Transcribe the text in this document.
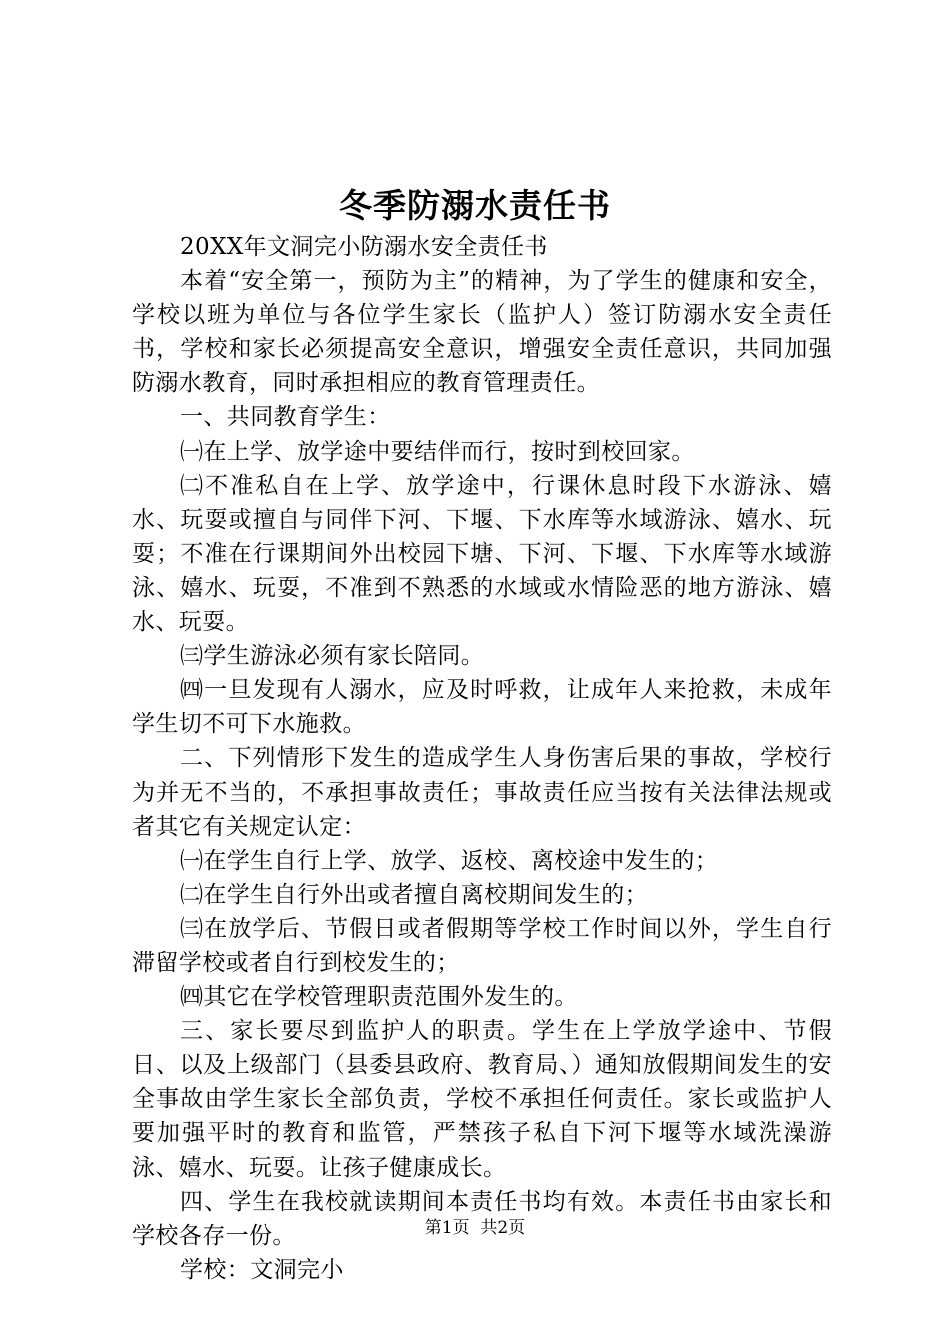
冬季防溺水责任书

20XX年文洞完小防溺水安全责任书

本着“安全第一，预防为主”的精神，为了学生的健康和安全，学校以班为单位与各位学生家长（监护人）签订防溺水安全责任书，学校和家长必须提高安全意识，增强安全责任意识，共同加强防溺水教育，同时承担相应的教育管理责任。

一、共同教育学生：

㈠在上学、放学途中要结伴而行，按时到校回家。

㈡不准私自在上学、放学途中，行课休息时段下水游泳、嬉水、玩耍或擅自与同伴下河、下堰、下水库等水域游泳、嬉水、玩耍；不准在行课期间外出校园下塘、下河、下堰、下水库等水域游泳、嬉水、玩耍，不准到不熟悉的水域或水情险恶的地方游泳、嬉水、玩耍。

㈢学生游泳必须有家长陪同。

㈣一旦发现有人溺水，应及时呼救，让成年人来抢救，未成年学生切不可下水施救。

二、下列情形下发生的造成学生人身伤害后果的事故，学校行为并无不当的，不承担事故责任；事故责任应当按有关法律法规或者其它有关规定认定：

㈠在学生自行上学、放学、返校、离校途中发生的；

㈡在学生自行外出或者擅自离校期间发生的；

㈢在放学后、节假日或者假期等学校工作时间以外，学生自行滞留学校或者自行到校发生的；

㈣其它在学校管理职责范围外发生的。

三、家长要尽到监护人的职责。学生在上学放学途中、节假日、以及上级部门（县委县政府、教育局、）通知放假期间发生的安全事故由学生家长全部负责，学校不承担任何责任。家长或监护人要加强平时的教育和监管，严禁孩子私自下河下堰等水域洗澡游泳、嬉水、玩耍。让孩子健康成长。

四、学生在我校就读期间本责任书均有效。本责任书由家长和学校各存一份。

学校：文洞完小

第1页 共2页
